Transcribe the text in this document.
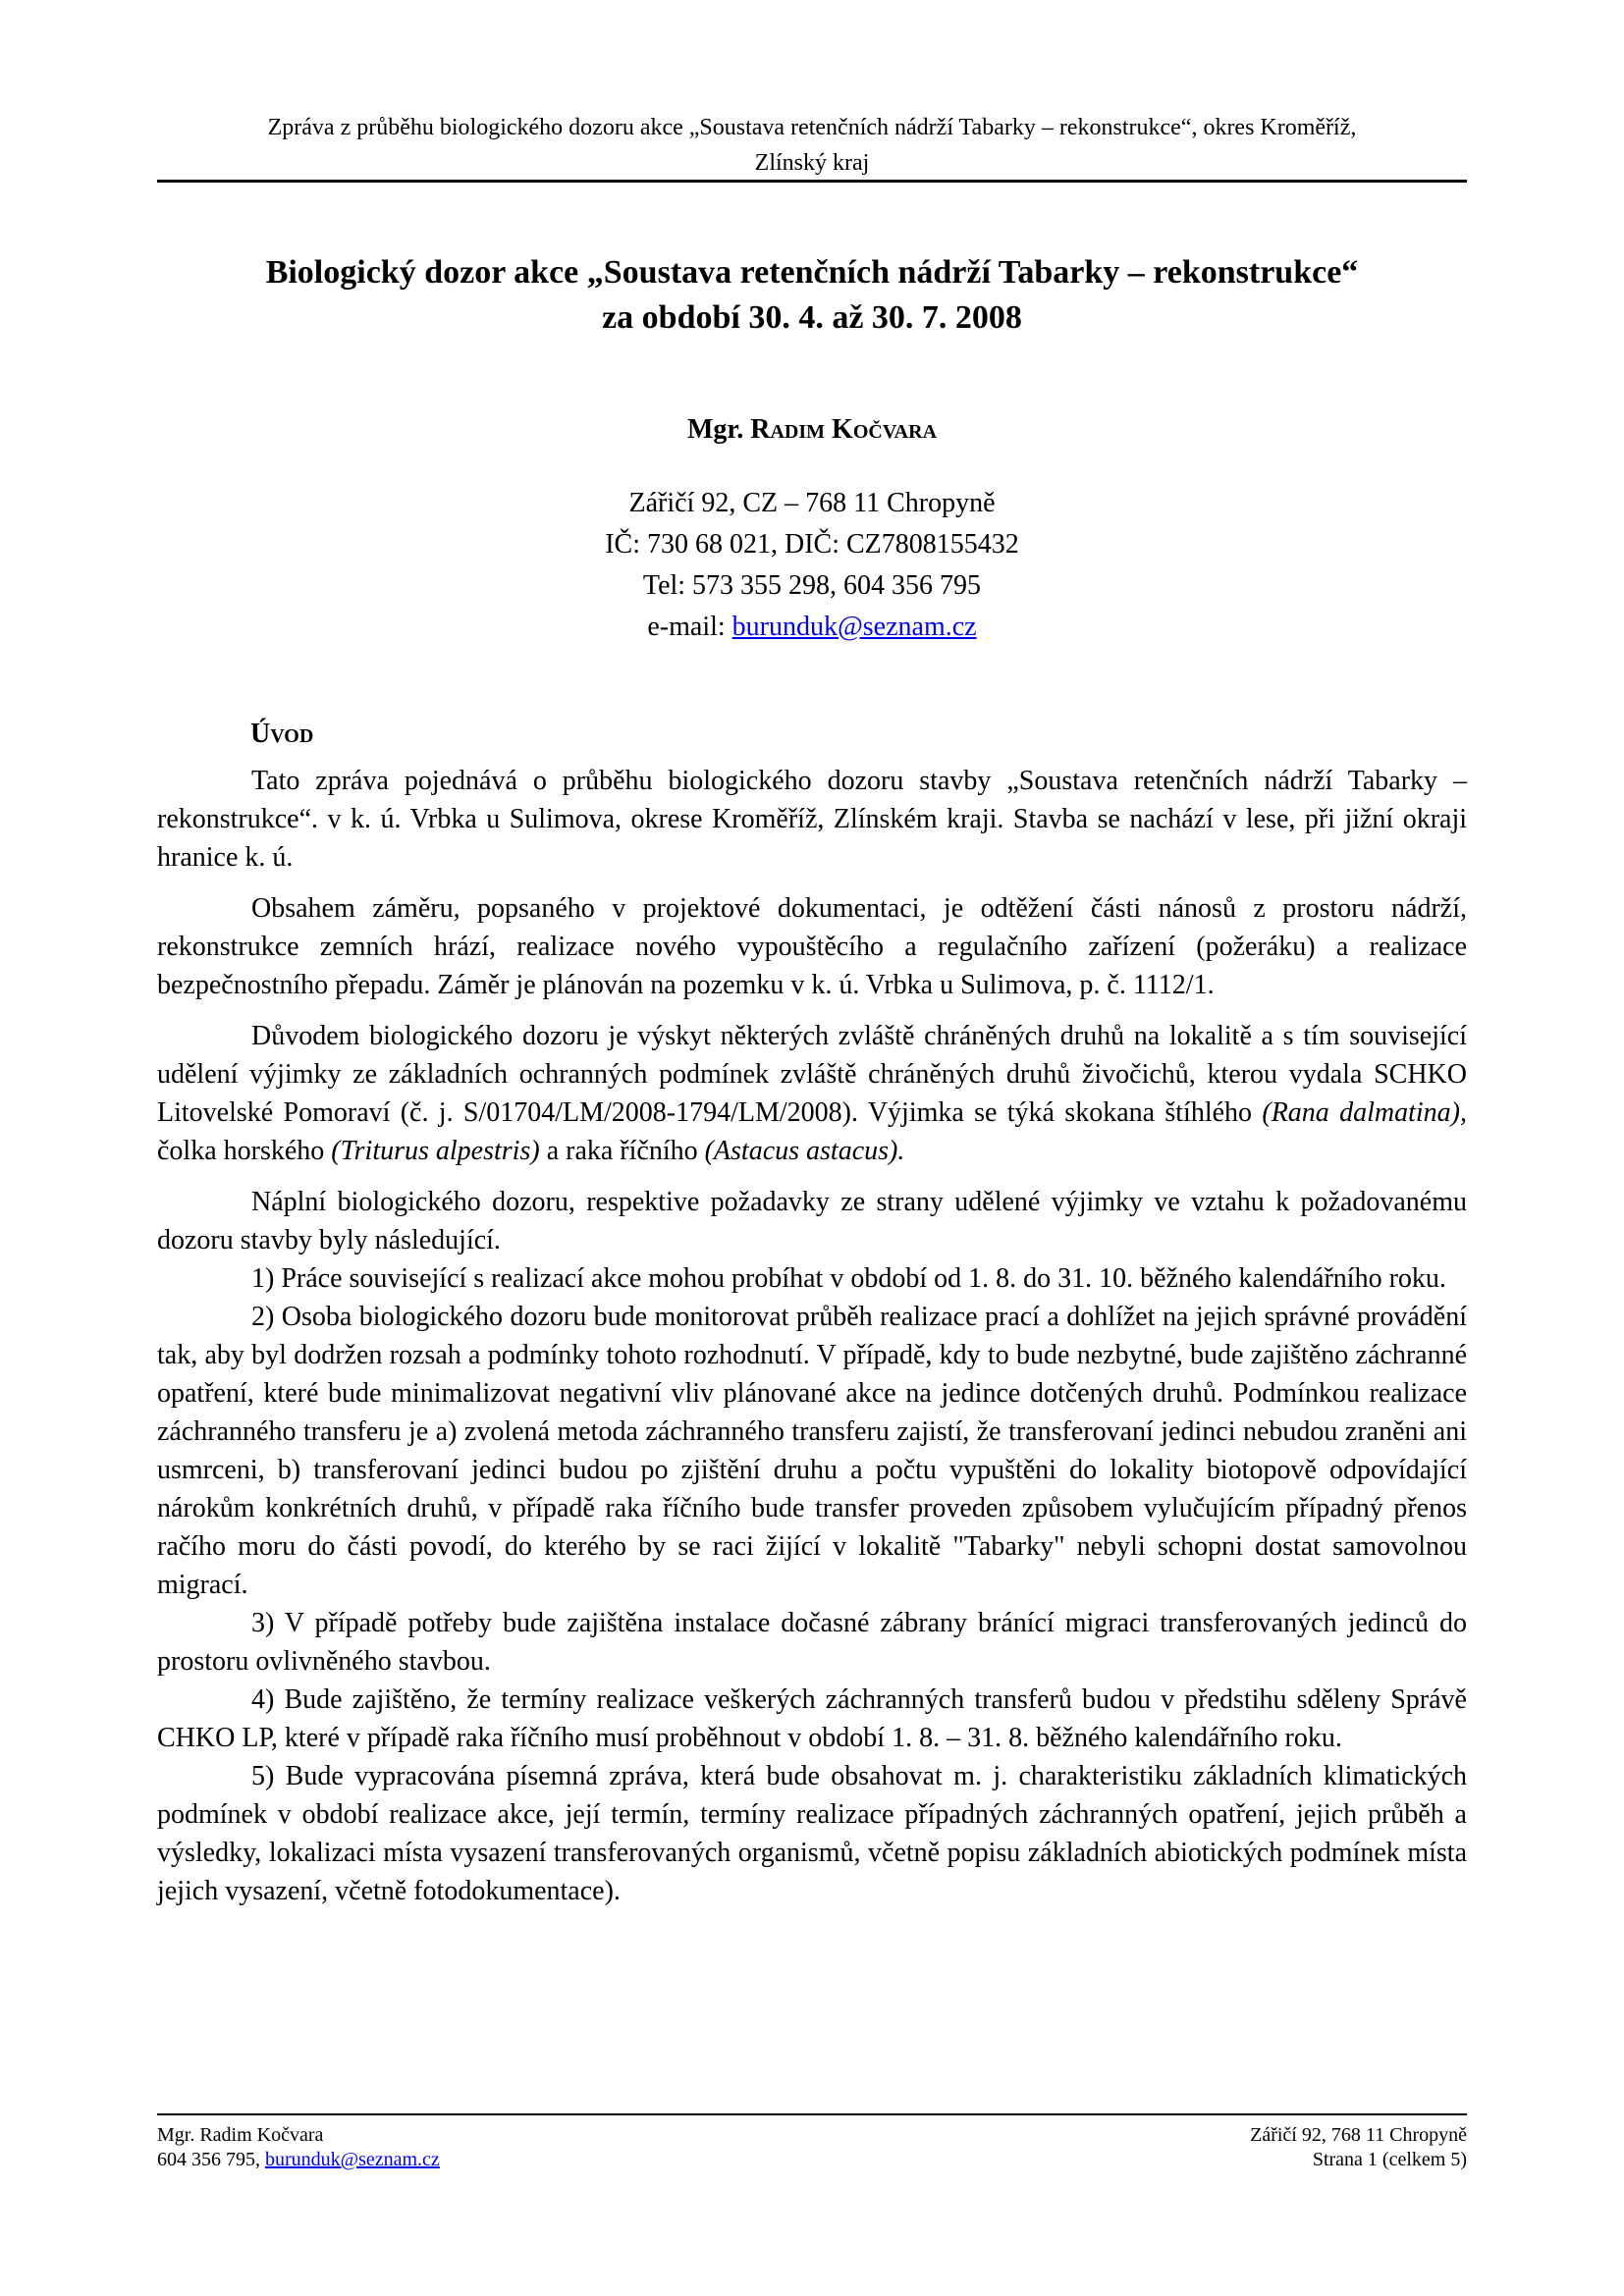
Zpráva z průběhu biologického dozoru akce „Soustava retenčních nádrží Tabarky – rekonstrukce“, okres Kroměříž,
Zlínský kraj
Biologický dozor akce „Soustava retenčních nádrží Tabarky – rekonstrukce“
za období 30. 4. až 30. 7. 2008
Mgr. Radim Kočvara

Zářičí 92, CZ – 768 11 Chropyně

IČ: 730 68 021, DIČ: CZ7808155432

Tel: 573 355 298, 604 356 795

e-mail: burunduk@seznam.cz

Úvod

Tato zpráva pojednává o průběhu biologického dozoru stavby „Soustava retenčních nádrží Tabarky – rekonstrukce“. v k. ú. Vrbka u Sulimova, okrese Kroměříž, Zlínském kraji. Stavba se nachází v lese, při jižní okraji hranice k. ú.

Obsahem záměru, popsaného v projektové dokumentaci, je odtěžení části nánosů z prostoru nádrží, rekonstrukce zemních hrází, realizace nového vypouštěcího a regulačního zařízení (požeráku) a realizace bezpečnostního přepadu. Záměr je plánován na pozemku v k. ú. Vrbka u Sulimova, p. č. 1112/1.

Důvodem biologického dozoru je výskyt některých zvláště chráněných druhů na lokalitě a s tím související udělení výjimky ze základních ochranných podmínek zvláště chráněných druhů živočichů, kterou vydala SCHKO Litovelské Pomoraví (č. j. S/01704/LM/2008-1794/LM/2008). Výjimka se týká skokana štíhlého (Rana dalmatina), čolka horského (Triturus alpestris) a raka říčního (Astacus astacus).

Náplní biologického dozoru, respektive požadavky ze strany udělené výjimky ve vztahu k požadovanému dozoru stavby byly následující.

1) Práce související s realizací akce mohou probíhat v období od 1. 8. do 31. 10. běžného kalendářního roku.

2) Osoba biologického dozoru bude monitorovat průběh realizace prací a dohlížet na jejich správné provádění tak, aby byl dodržen rozsah a podmínky tohoto rozhodnutí. V případě, kdy to bude nezbytné, bude zajištěno záchranné opatření, které bude minimalizovat negativní vliv plánované akce na jedince dotčených druhů. Podmínkou realizace záchranného transferu je a) zvolená metoda záchranného transferu zajistí, že transferovaní jedinci nebudou zraněni ani usmrceni, b) transferovaní jedinci budou po zjištění druhu a počtu vypuštěni do lokality biotopově odpovídající nárokům konkrétních druhů, v případě raka říčního bude transfer proveden způsobem vylučujícím případný přenos račího moru do části povodí, do kterého by se raci žijící v lokalitě "Tabarky" nebyli schopni dostat samovolnou migrací.

3) V případě potřeby bude zajištěna instalace dočasné zábrany bránící migraci transferovaných jedinců do prostoru ovlivněného stavbou.

4) Bude zajištěno, že termíny realizace veškerých záchranných transferů budou v předstihu sděleny Správě CHKO LP, které v případě raka říčního musí proběhnout v období 1. 8. – 31. 8. běžného kalendářního roku.

5) Bude vypracována písemná zpráva, která bude obsahovat m. j. charakteristiku základních klimatických podmínek v období realizace akce, její termín, termíny realizace případných záchranných opatření, jejich průběh a výsledky, lokalizaci místa vysazení transferovaných organismů, včetně popisu základních abiotických podmínek místa jejich vysazení, včetně fotodokumentace).

Mgr. Radim Kočvara

604 356 795, burunduk@seznam.cz

Zářičí 92, 768 11 Chropyně

Strana 1 (celkem 5)
